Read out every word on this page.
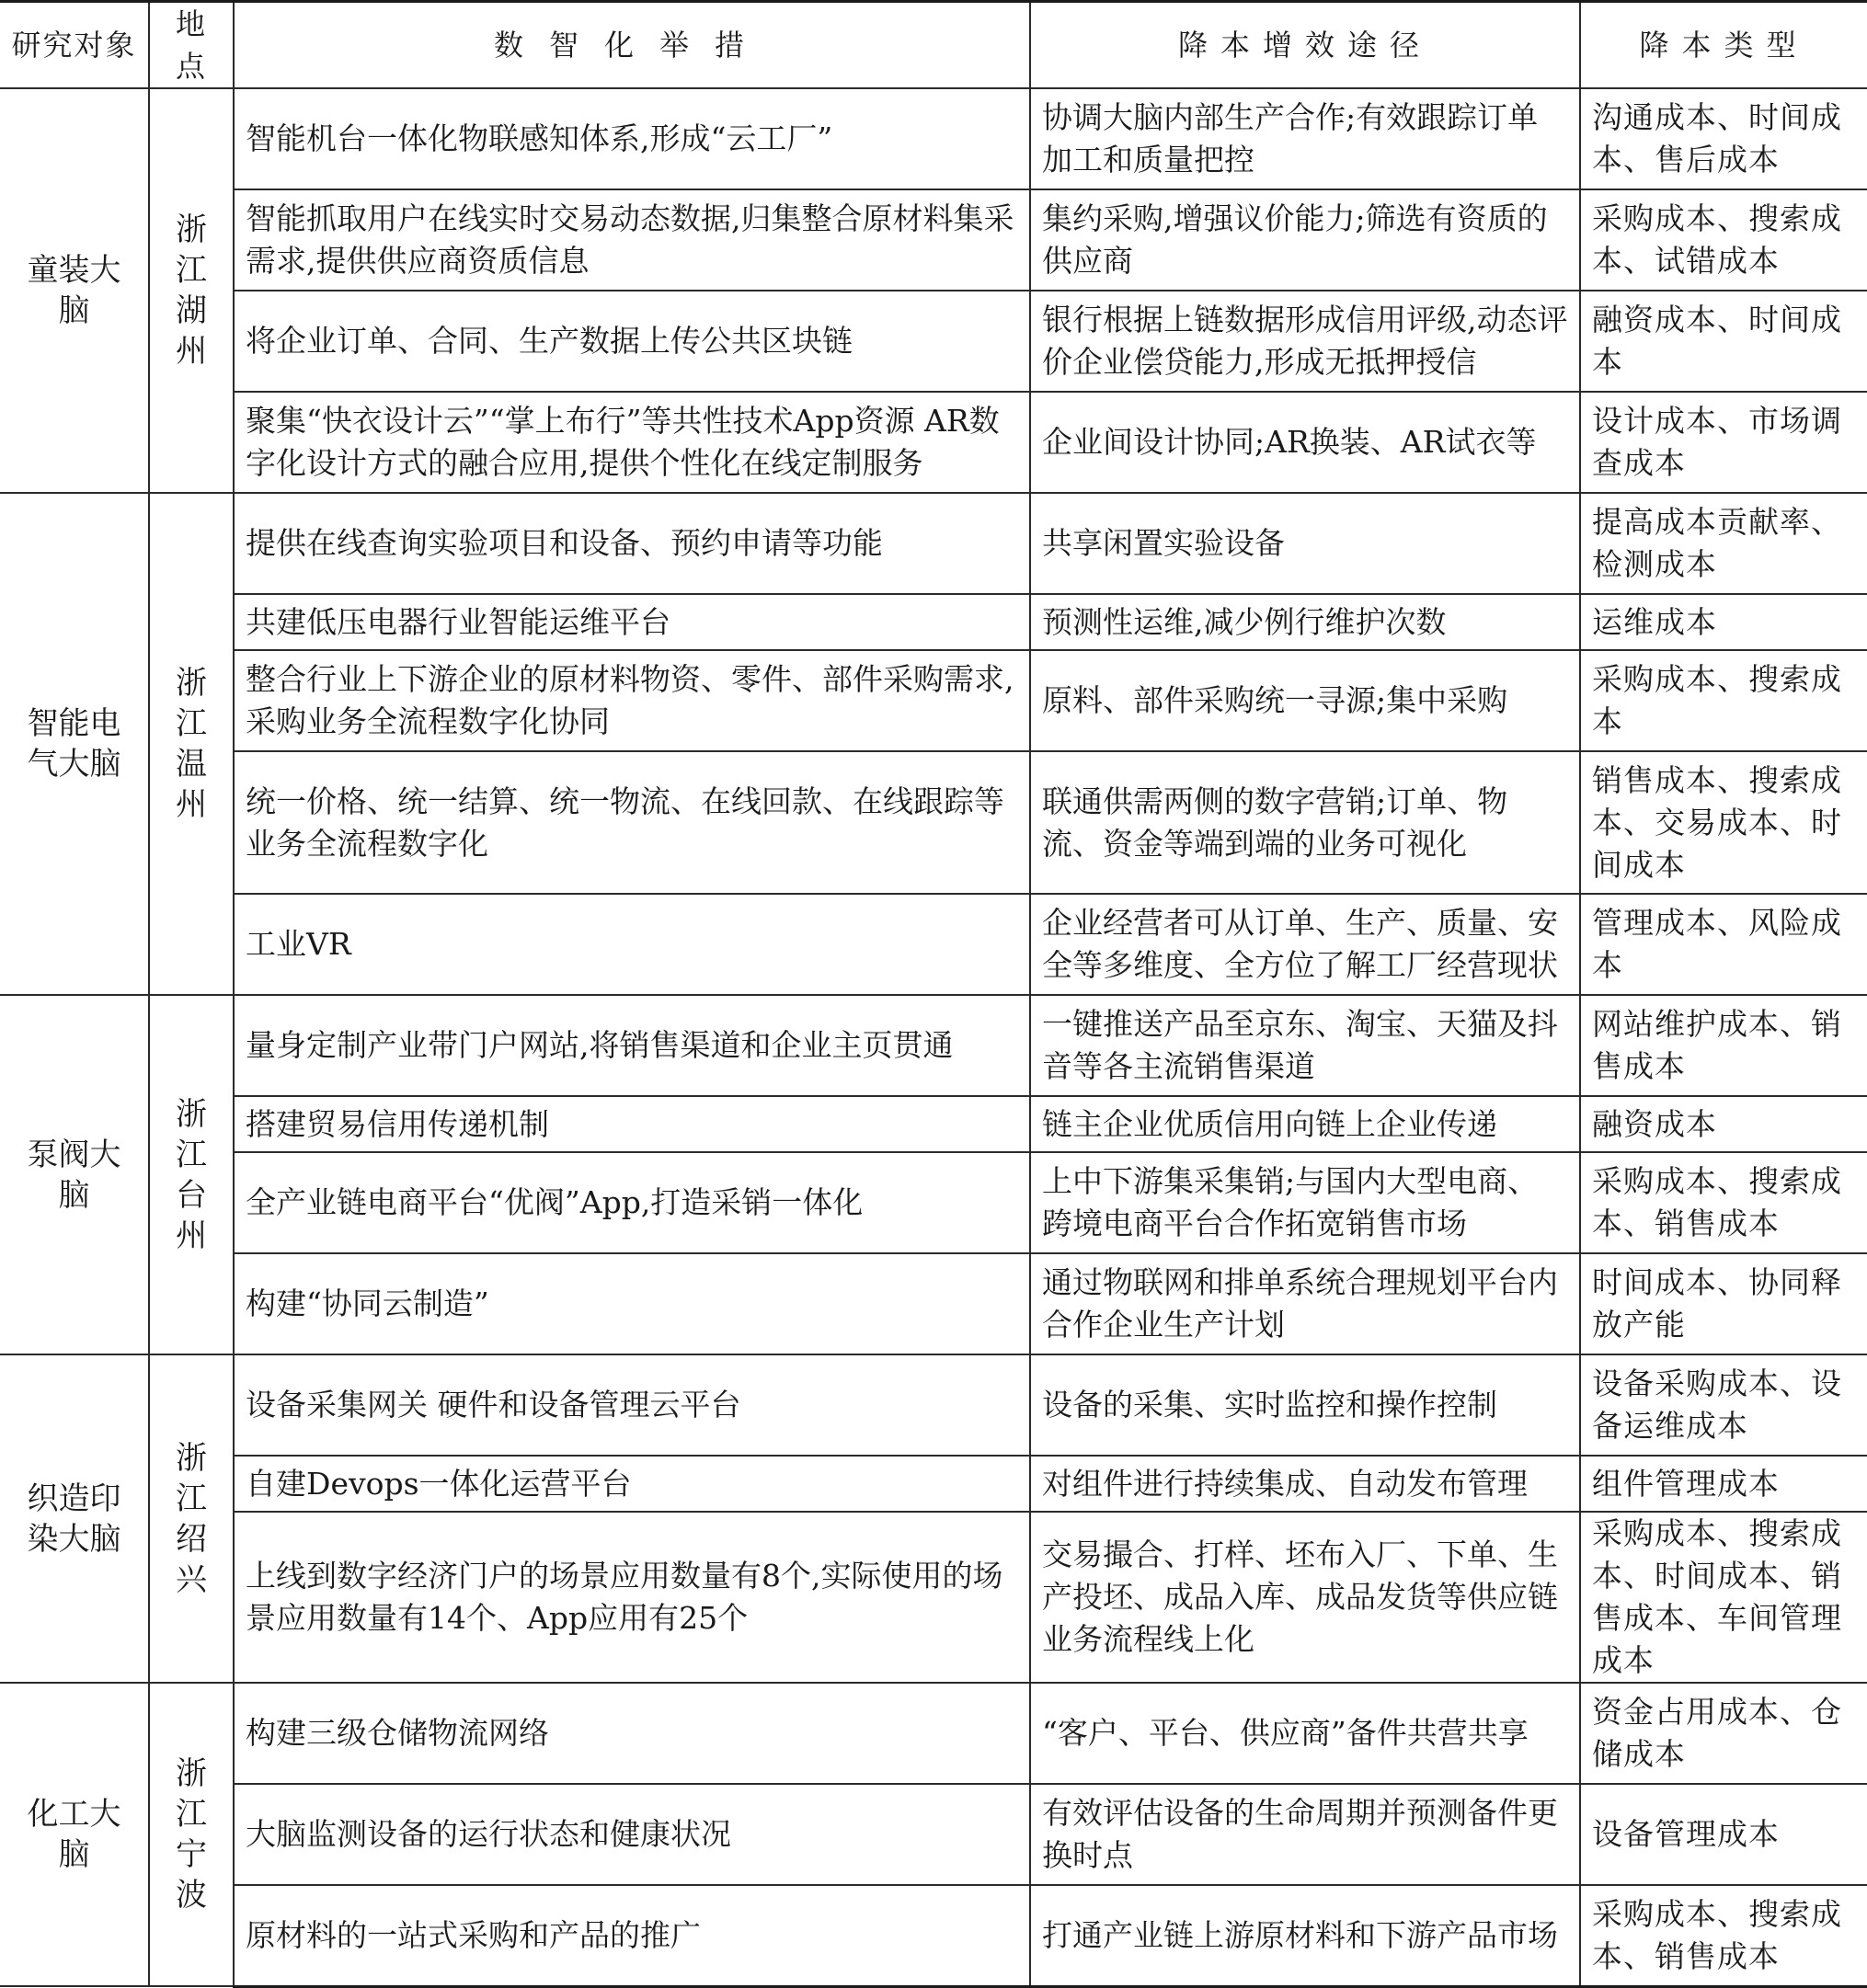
研究对象	地点	数智化举措	降本增效途径	降本类型
童装大脑	浙江湖州	智能机台一体化物联感知体系,形成“云工厂”	协调大脑内部生产合作;有效跟踪订单加工和质量把控	沟通成本、时间成本、售后成本
		智能抓取用户在线实时交易动态数据,归集整合原材料集采需求,提供供应商资质信息	集约采购,增强议价能力;筛选有资质的供应商	采购成本、搜索成本、试错成本
		将企业订单、合同、生产数据上传公共区块链	银行根据上链数据形成信用评级,动态评价企业偿贷能力,形成无抵押授信	融资成本、时间成本
		聚集“快衣设计云”“掌上布行”等共性技术App资源 AR数字化设计方式的融合应用,提供个性化在线定制服务	企业间设计协同;AR换装、AR试衣等	设计成本、市场调查成本
智能电气大脑	浙江温州	提供在线查询实验项目和设备、预约申请等功能	共享闲置实验设备	提高成本贡献率、检测成本
		共建低压电器行业智能运维平台	预测性运维,减少例行维护次数	运维成本
		整合行业上下游企业的原材料物资、零件、部件采购需求,采购业务全流程数字化协同	原料、部件采购统一寻源;集中采购	采购成本、搜索成本
		统一价格、统一结算、统一物流、在线回款、在线跟踪等业务全流程数字化	联通供需两侧的数字营销;订单、物流、资金等端到端的业务可视化	销售成本、搜索成本、交易成本、时间成本
		工业VR	企业经营者可从订单、生产、质量、安全等多维度、全方位了解工厂经营现状	管理成本、风险成本
泵阀大脑	浙江台州	量身定制产业带门户网站,将销售渠道和企业主页贯通	一键推送产品至京东、淘宝、天猫及抖音等各主流销售渠道	网站维护成本、销售成本
		搭建贸易信用传递机制	链主企业优质信用向链上企业传递	融资成本
		全产业链电商平台“优阀”App,打造采销一体化	上中下游集采集销;与国内大型电商、跨境电商平台合作拓宽销售市场	采购成本、搜索成本、销售成本
		构建“协同云制造”	通过物联网和排单系统合理规划平台内合作企业生产计划	时间成本、协同释放产能
织造印染大脑	浙江绍兴	设备采集网关 硬件和设备管理云平台	设备的采集、实时监控和操作控制	设备采购成本、设备运维成本
		自建Devops一体化运营平台	对组件进行持续集成、自动发布管理	组件管理成本
		上线到数字经济门户的场景应用数量有8个,实际使用的场景应用数量有14个、App应用有25个	交易撮合、打样、坯布入厂、下单、生产投坯、成品入库、成品发货等供应链业务流程线上化	采购成本、搜索成本、时间成本、销售成本、车间管理成本
化工大脑	浙江宁波	构建三级仓储物流网络	“客户、平台、供应商”备件共营共享	资金占用成本、仓储成本
		大脑监测设备的运行状态和健康状况	有效评估设备的生命周期并预测备件更换时点	设备管理成本
		原材料的一站式采购和产品的推广	打通产业链上游原材料和下游产品市场	采购成本、搜索成本、销售成本
